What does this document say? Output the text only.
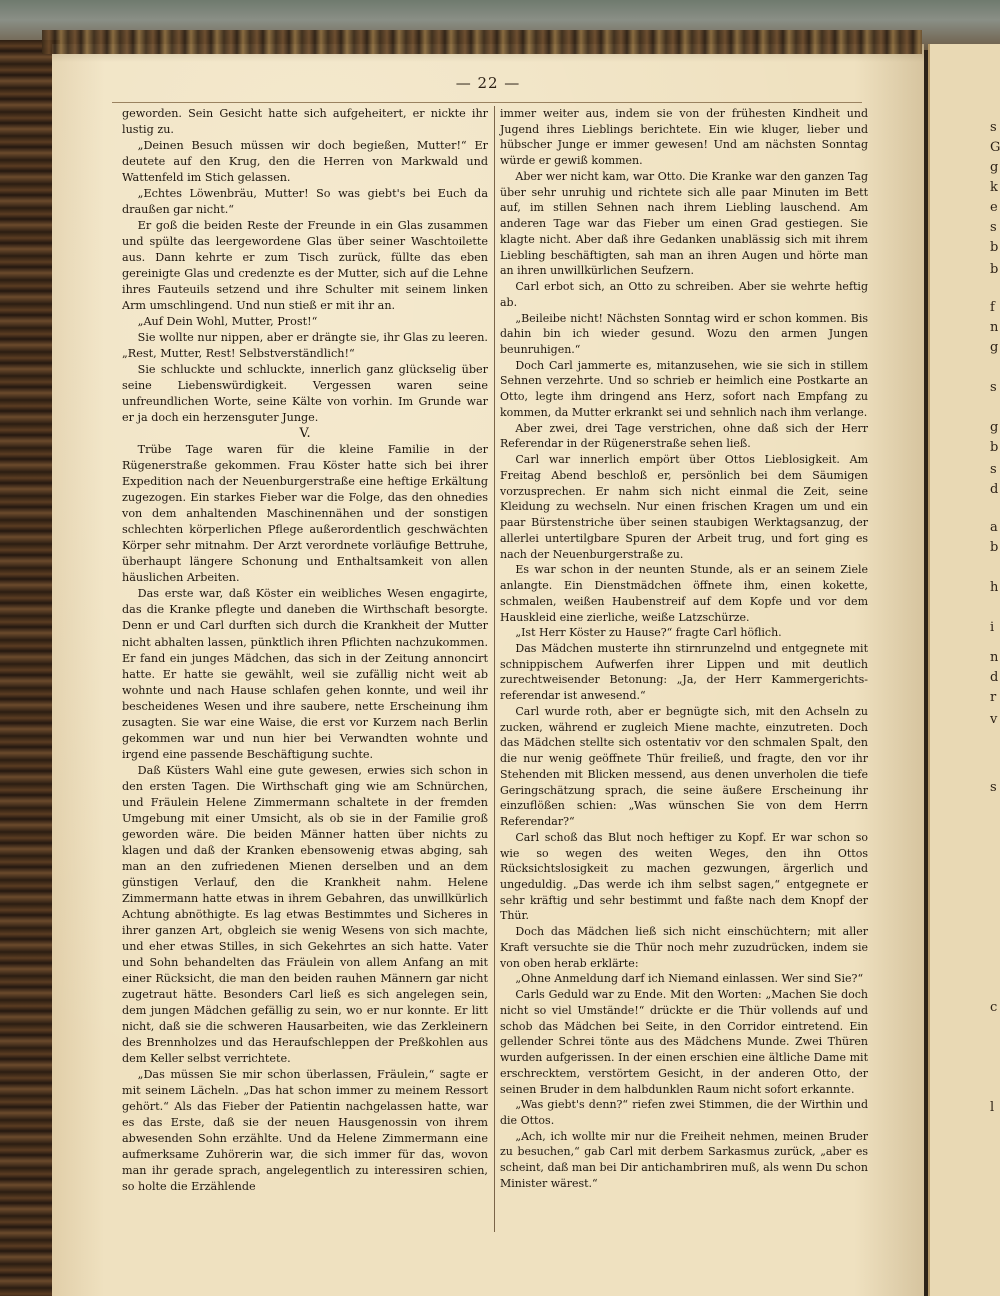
— 22 —

geworden. Sein Gesicht hatte sich aufgeheitert, er nickte ihr lustig zu.

„Deinen Besuch müssen wir doch begießen, Mutter!“ Er deutete auf den Krug, den die Herren von Markwald und Wattenfeld im Stich gelassen.

„Echtes Löwenbräu, Mutter! So was giebt's bei Euch da draußen gar nicht.“

Er goß die beiden Reste der Freunde in ein Glas zusammen und spülte das leergewordene Glas über seiner Waschtoilette aus. Dann kehrte er zum Tisch zurück, füllte das eben gereinigte Glas und credenzte es der Mutter, sich auf die Lehne ihres Fauteuils setzend und ihre Schulter mit seinem linken Arm umschlingend. Und nun stieß er mit ihr an.

„Auf Dein Wohl, Mutter, Prost!“

Sie wollte nur nippen, aber er drängte sie, ihr Glas zu leeren. „Rest, Mutter, Rest! Selbstverständlich!“

Sie schluckte und schluckte, innerlich ganz glückselig über seine Liebenswürdigkeit. Vergessen waren seine unfreundlichen Worte, seine Kälte von vorhin. Im Grunde war er ja doch ein herzensguter Junge.

V.

Trübe Tage waren für die kleine Familie in der Rügenerstraße gekommen. Frau Köster hatte sich bei ihrer Expedition nach der Neuenburgerstraße eine heftige Erkältung zugezogen. Ein starkes Fieber war die Folge, das den ohnedies von dem anhaltenden Maschinennähen und der sonstigen schlechten körperlichen Pflege außerordentlich geschwächten Körper sehr mitnahm. Der Arzt verordnete vorläufige Bettruhe, überhaupt längere Schonung und Enthaltsamkeit von allen häuslichen Arbeiten.

Das erste war, daß Köster ein weibliches Wesen engagirte, das die Kranke pflegte und daneben die Wirthschaft besorgte. Denn er und Carl durften sich durch die Krankheit der Mutter nicht abhalten lassen, pünktlich ihren Pflichten nachzukommen. Er fand ein junges Mädchen, das sich in der Zeitung annoncirt hatte. Er hatte sie gewählt, weil sie zufällig nicht weit ab wohnte und nach Hause schlafen gehen konnte, und weil ihr bescheidenes Wesen und ihre saubere, nette Erscheinung ihm zusagten. Sie war eine Waise, die erst vor Kurzem nach Berlin gekommen war und nun hier bei Verwandten wohnte und irgend eine passende Beschäftigung suchte.

Daß Küsters Wahl eine gute gewesen, erwies sich schon in den ersten Tagen. Die Wirthschaft ging wie am Schnürchen, und Fräulein Helene Zimmermann schaltete in der fremden Umgebung mit einer Umsicht, als ob sie in der Familie groß geworden wäre. Die beiden Männer hatten über nichts zu klagen und daß der Kranken ebensowenig etwas abging, sah man an den zufriedenen Mienen derselben und an dem günstigen Verlauf, den die Krankheit nahm. Helene Zimmermann hatte etwas in ihrem Gebahren, das unwillkürlich Achtung abnöthigte. Es lag etwas Bestimmtes und Sicheres in ihrer ganzen Art, obgleich sie wenig Wesens von sich machte, und eher etwas Stilles, in sich Gekehrtes an sich hatte. Vater und Sohn behandelten das Fräulein von allem Anfang an mit einer Rücksicht, die man den beiden rauhen Männern gar nicht zugetraut hätte. Besonders Carl ließ es sich angelegen sein, dem jungen Mädchen gefällig zu sein, wo er nur konnte. Er litt nicht, daß sie die schweren Hausarbeiten, wie das Zerkleinern des Brennholzes und das Heraufschleppen der Preßkohlen aus dem Keller selbst verrichtete.

„Das müssen Sie mir schon überlassen, Fräulein,“ sagte er mit seinem Lächeln. „Das hat schon immer zu meinem Ressort gehört.“ Als das Fieber der Patientin nachgelassen hatte, war es das Erste, daß sie der neuen Hausgenossin von ihrem abwesenden Sohn erzählte. Und da Helene Zimmermann eine aufmerksame Zuhörerin war, die sich immer für das, wovon man ihr gerade sprach, angelegentlich zu interessiren schien, so holte die Erzählende

immer weiter aus, indem sie von der frühesten Kindheit und Jugend ihres Lieblings berichtete. Ein wie kluger, lieber und hübscher Junge er immer gewesen! Und am nächsten Sonntag würde er gewiß kommen.

Aber wer nicht kam, war Otto. Die Kranke war den ganzen Tag über sehr unruhig und richtete sich alle paar Minuten im Bett auf, im stillen Sehnen nach ihrem Liebling lauschend. Am anderen Tage war das Fieber um einen Grad gestiegen. Sie klagte nicht. Aber daß ihre Gedanken unablässig sich mit ihrem Liebling beschäftigten, sah man an ihren Augen und hörte man an ihren unwillkürlichen Seufzern.

Carl erbot sich, an Otto zu schreiben. Aber sie wehrte heftig ab.

„Beileibe nicht! Nächsten Sonntag wird er schon kommen. Bis dahin bin ich wieder gesund. Wozu den armen Jungen beunruhigen.“

Doch Carl jammerte es, mitanzusehen, wie sie sich in stillem Sehnen verzehrte. Und so schrieb er heimlich eine Postkarte an Otto, legte ihm dringend ans Herz, sofort nach Empfang zu kommen, da Mutter erkrankt sei und sehnlich nach ihm verlange.

Aber zwei, drei Tage verstrichen, ohne daß sich der Herr Referendar in der Rügenerstraße sehen ließ.

Carl war innerlich empört über Ottos Lieblosigkeit. Am Freitag Abend beschloß er, persönlich bei dem Säumigen vorzusprechen. Er nahm sich nicht einmal die Zeit, seine Kleidung zu wechseln. Nur einen frischen Kragen um und ein paar Bürstenstriche über seinen staubigen Werktagsanzug, der allerlei untertilgbare Spuren der Arbeit trug, und fort ging es nach der Neuenburgerstraße zu.

Es war schon in der neunten Stunde, als er an seinem Ziele anlangte. Ein Dienstmädchen öffnete ihm, einen kokette, schmalen, weißen Haubenstreif auf dem Kopfe und vor dem Hauskleid eine zierliche, weiße Latzschürze.

„Ist Herr Köster zu Hause?“ fragte Carl höflich.

Das Mädchen musterte ihn stirnrunzelnd und entgegnete mit schnippischem Aufwerfen ihrer Lippen und mit deutlich zurechtweisender Betonung: „Ja, der Herr Kammergerichts-referendar ist anwesend.“

Carl wurde roth, aber er begnügte sich, mit den Achseln zu zucken, während er zugleich Miene machte, einzutreten. Doch das Mädchen stellte sich ostentativ vor den schmalen Spalt, den die nur wenig geöffnete Thür freiließ, und fragte, den vor ihr Stehenden mit Blicken messend, aus denen unverholen die tiefe Geringschätzung sprach, die seine äußere Erscheinung ihr einzuflößen schien: „Was wünschen Sie von dem Herrn Referendar?“

Carl schoß das Blut noch heftiger zu Kopf. Er war schon so wie so wegen des weiten Weges, den ihn Ottos Rücksichtslosigkeit zu machen gezwungen, ärgerlich und ungeduldig. „Das werde ich ihm selbst sagen,“ entgegnete er sehr kräftig und sehr bestimmt und faßte nach dem Knopf der Thür.

Doch das Mädchen ließ sich nicht einschüchtern; mit aller Kraft versuchte sie die Thür noch mehr zuzudrücken, indem sie von oben herab erklärte:

„Ohne Anmeldung darf ich Niemand einlassen. Wer sind Sie?“

Carls Geduld war zu Ende. Mit den Worten: „Machen Sie doch nicht so viel Umstände!“ drückte er die Thür vollends auf und schob das Mädchen bei Seite, in den Corridor eintretend. Ein gellender Schrei tönte aus des Mädchens Munde. Zwei Thüren wurden aufgerissen. In der einen erschien eine ältliche Dame mit erschrecktem, verstörtem Gesicht, in der anderen Otto, der seinen Bruder in dem halbdunklen Raum nicht sofort erkannte.

„Was giebt's denn?“ riefen zwei Stimmen, die der Wirthin und die Ottos.

„Ach, ich wollte mir nur die Freiheit nehmen, meinen Bruder zu besuchen,“ gab Carl mit derbem Sarkasmus zurück, „aber es scheint, daß man bei Dir antichambriren muß, als wenn Du schon Minister wärest.“

s
G
g
k
e
s
b
b
f
n
g
s
g
b
s
d
a
b
h
i
n
d
r
v
s
c
l
